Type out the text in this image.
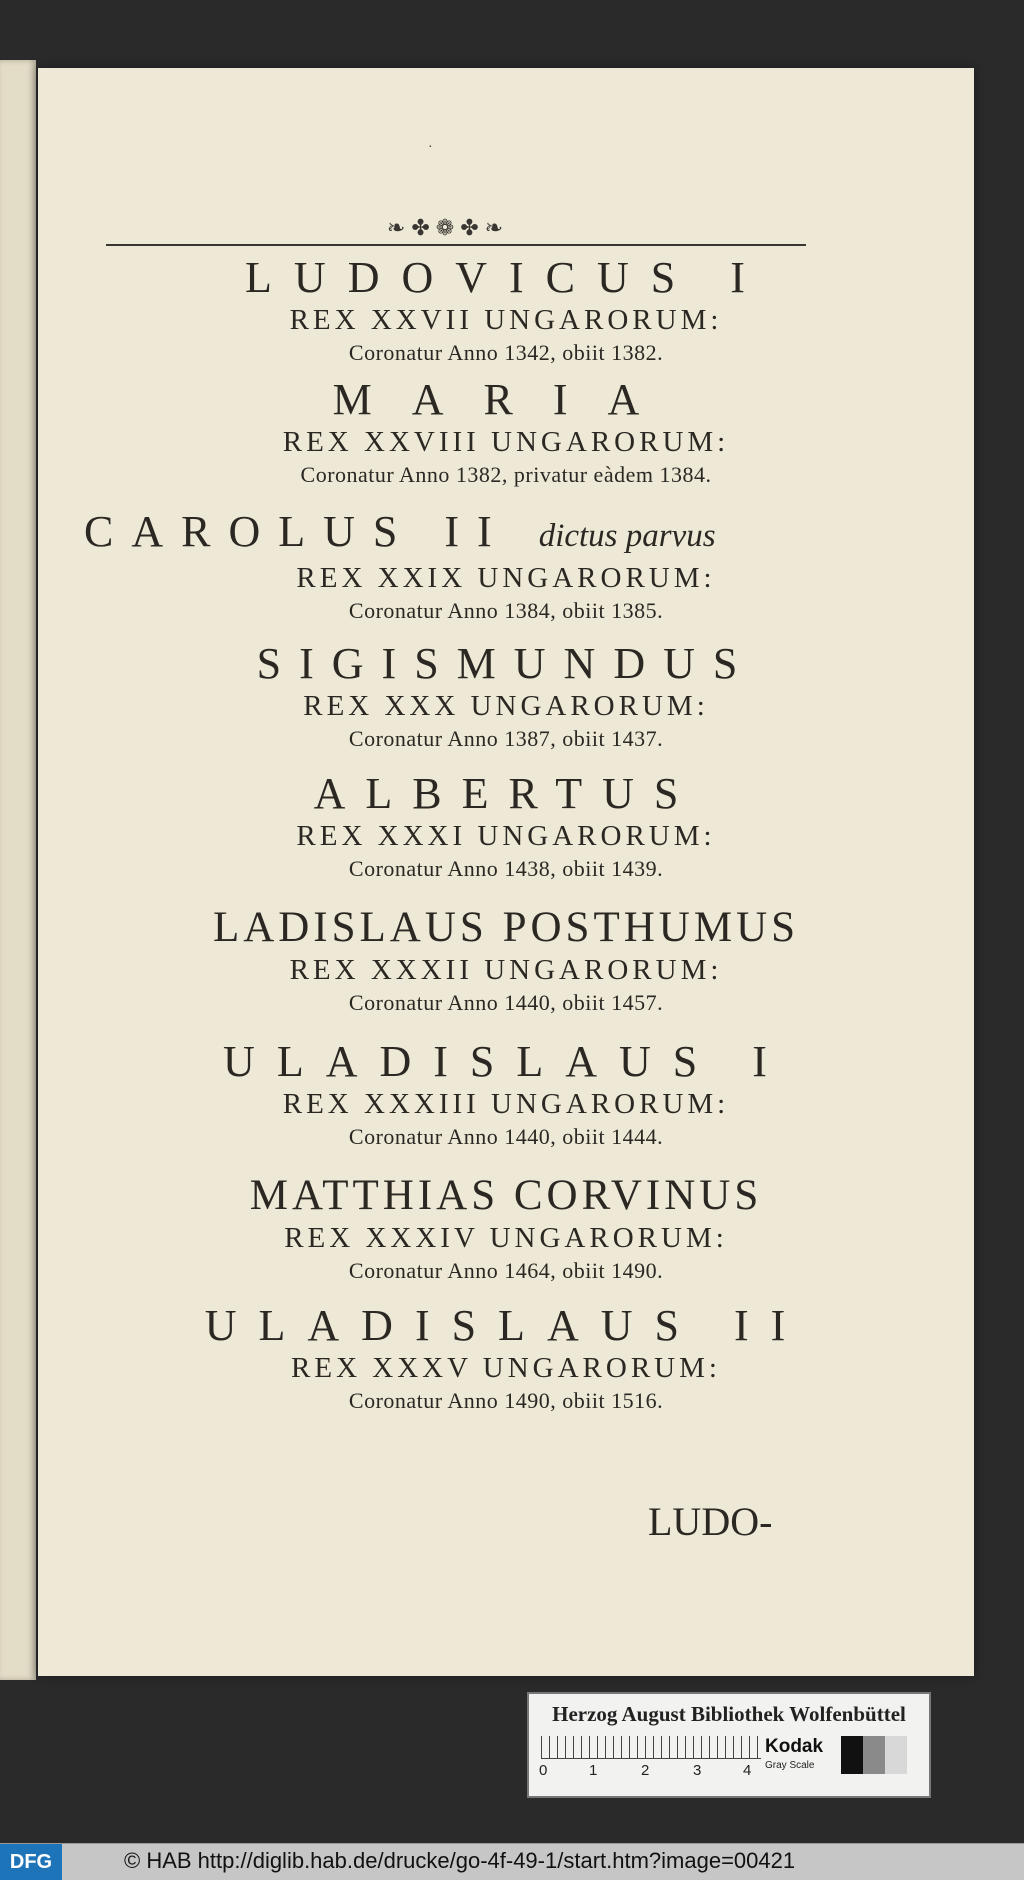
·
❧✤❁✤❧
LUDOVICUS I
REX XXVII UNGARORUM:
Coronatur Anno 1342, obiit 1382.
MARIA
REX XXVIII UNGARORUM:
Coronatur Anno 1382, privatur eàdem 1384.
CAROLUS II dictus parvus
REX XXIX UNGARORUM:
Coronatur Anno 1384, obiit 1385.
SIGISMUNDUS
REX XXX UNGARORUM:
Coronatur Anno 1387, obiit 1437.
ALBERTUS
REX XXXI UNGARORUM:
Coronatur Anno 1438, obiit 1439.
LADISLAUS POSTHUMUS
REX XXXII UNGARORUM:
Coronatur Anno 1440, obiit 1457.
ULADISLAUS I
REX XXXIII UNGARORUM:
Coronatur Anno 1440, obiit 1444.
MATTHIAS CORVINUS
REX XXXIV UNGARORUM:
Coronatur Anno 1464, obiit 1490.
ULADISLAUS II
REX XXXV UNGARORUM:
Coronatur Anno 1490, obiit 1516.
LUDO-
Herzog August Bibliothek Wolfenbüttel
0	1	2	3	4
Kodak
Gray Scale
DFG	© HAB http://diglib.hab.de/drucke/go-4f-49-1/start.htm?image=00421
